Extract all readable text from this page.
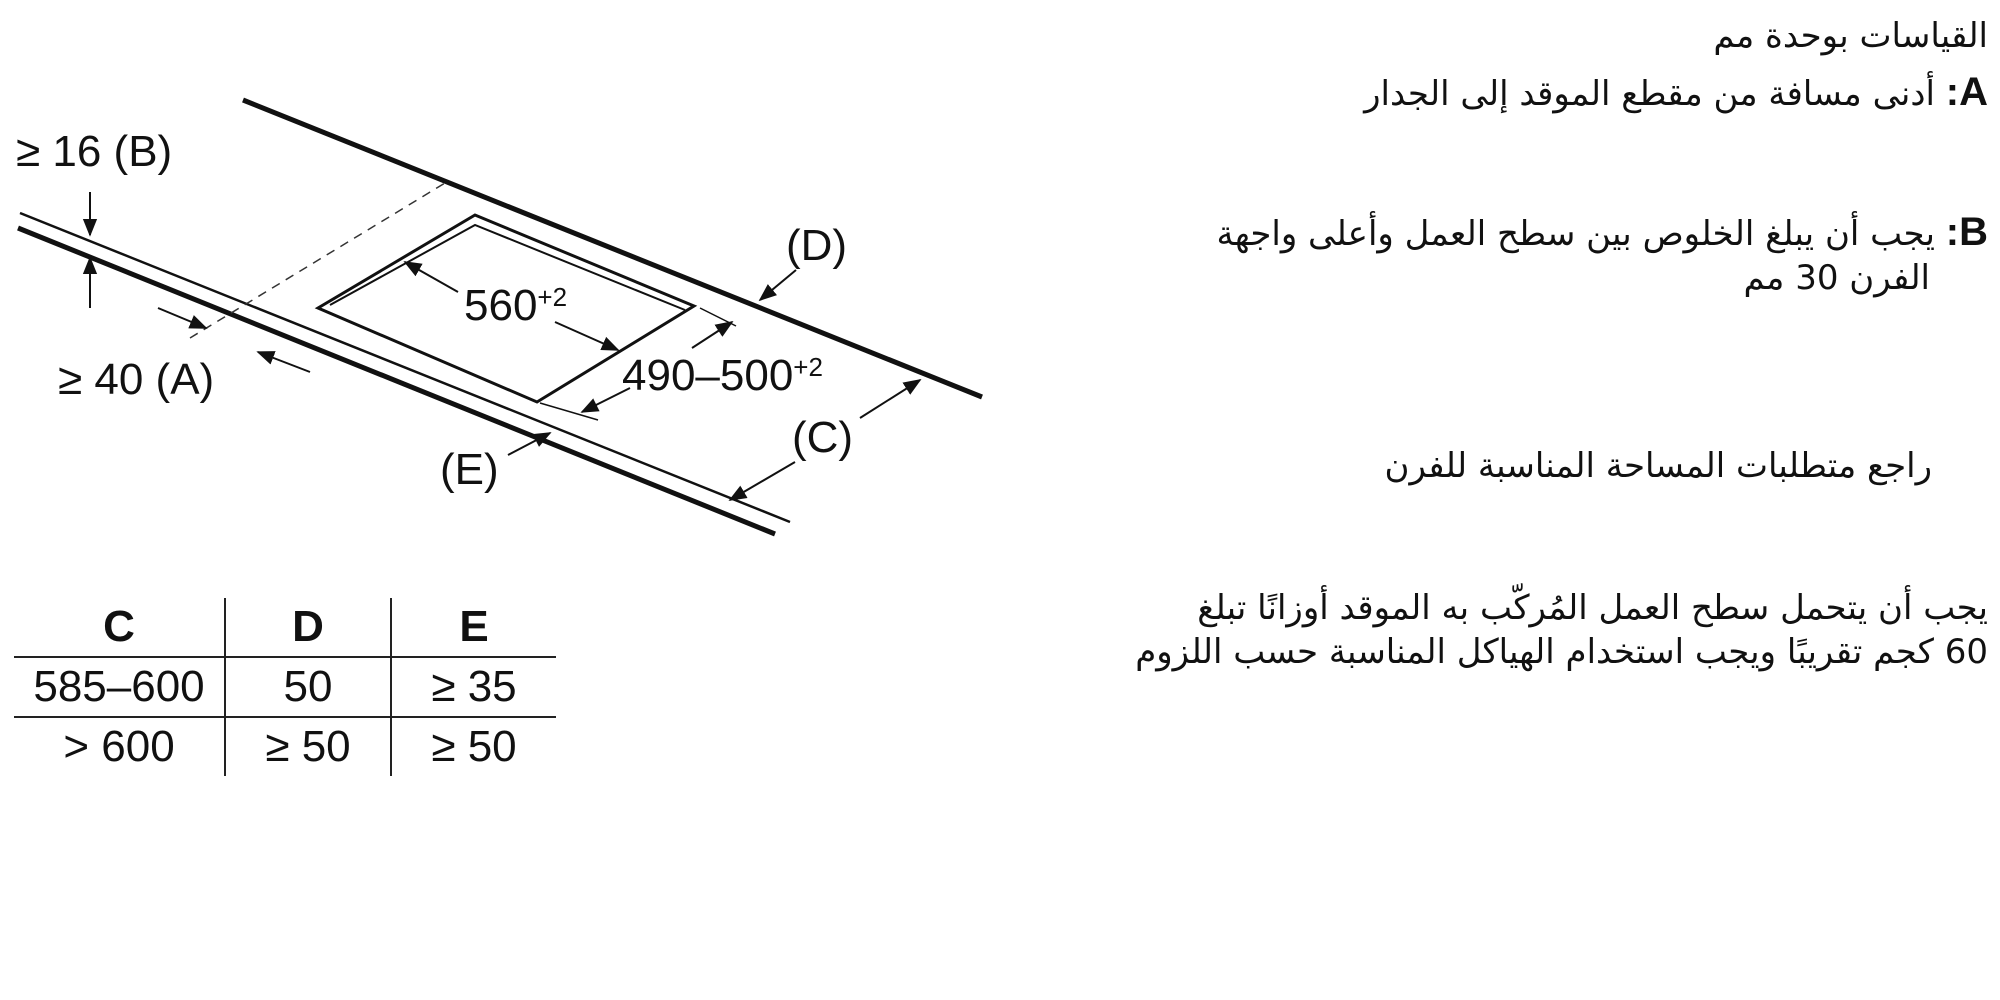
≥ 16 (B)
≥ 40 (A)
(D)
(C)
(E)
$560^{+2}$
$490-500^{+2}$
C	D	E
585–600	50	≥ 35
> 600	≥ 50	≥ 50
القياسات بوحدة مم
A: أدنى مسافة من مقطع الموقد إلى الجدار
B: يجب أن يبلغ الخلوص بين سطح العمل وأعلى واجهة
الفرن 30 مم
راجع متطلبات المساحة المناسبة للفرن
يجب أن يتحمل سطح العمل المُركّب به الموقد أوزانًا تبلغ
60 كجم تقريبًا ويجب استخدام الهياكل المناسبة حسب اللزوم
